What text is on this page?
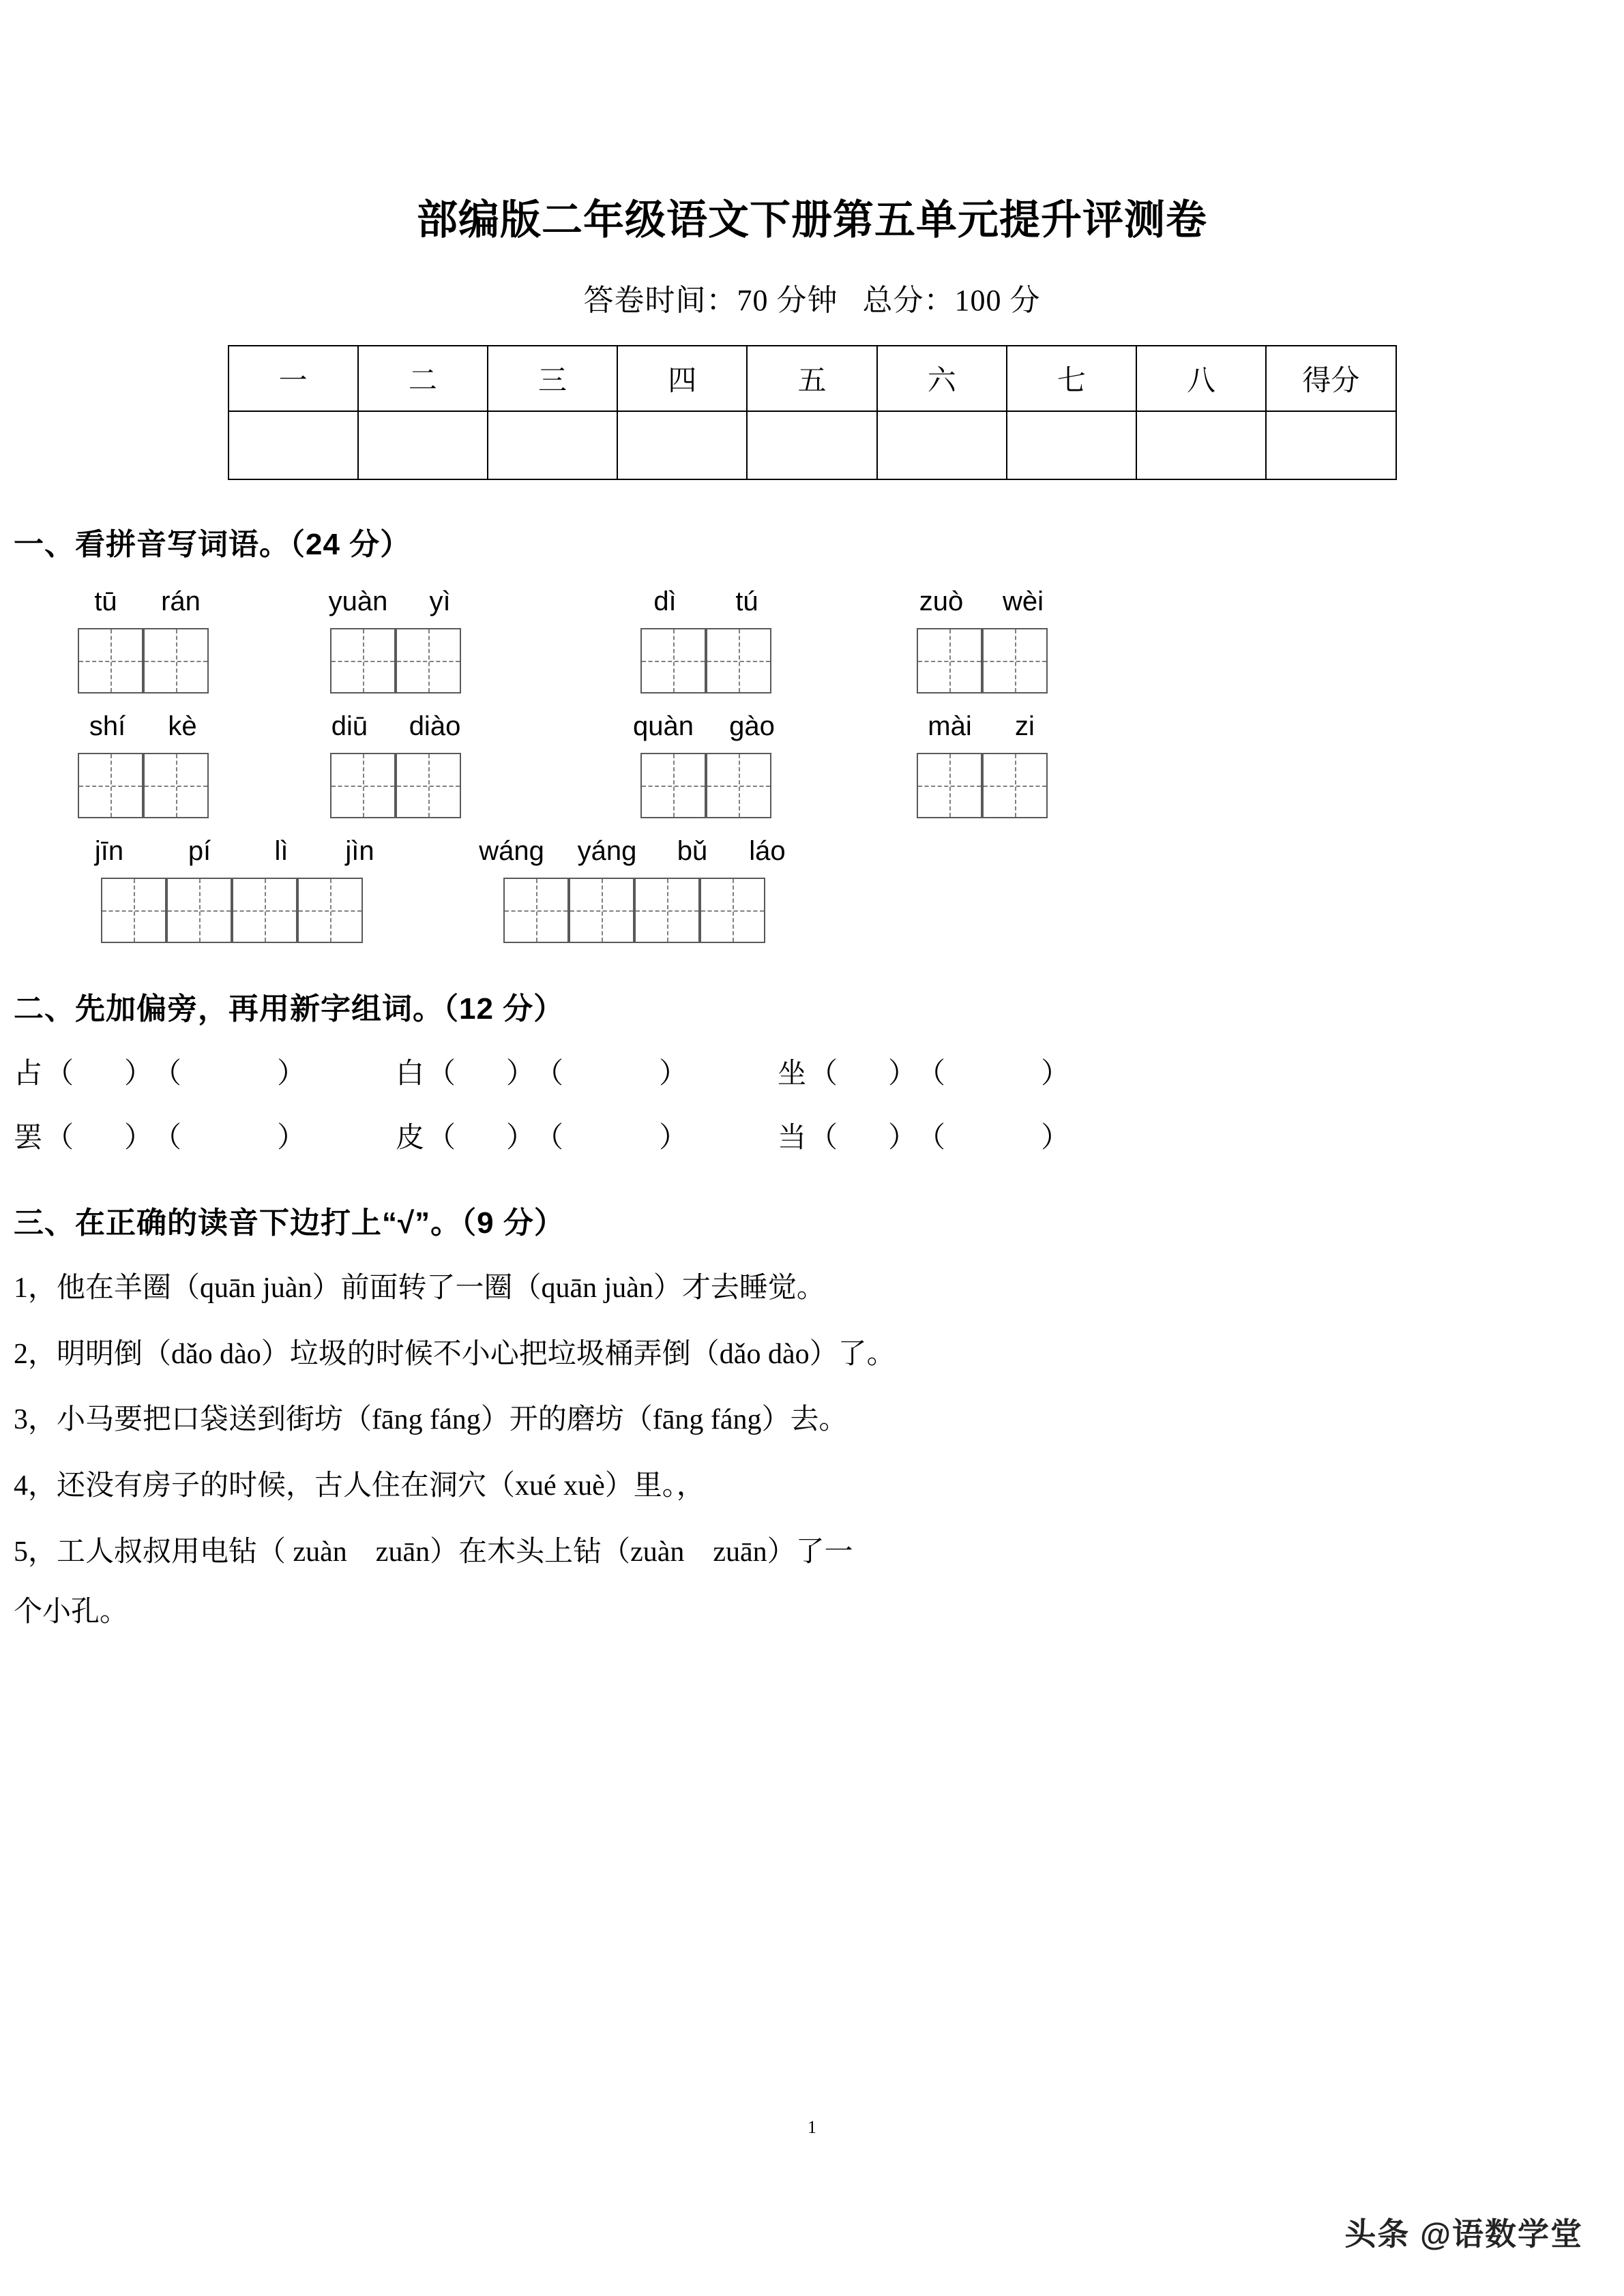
部编版二年级语文下册第五单元提升评测卷
答卷时间：70 分钟 总分：100 分
一	二	三	四	五	六	七	八	得分

一、看拼音写词语。（24 分）
tū	rán	yuàn	yì	dì	tú	zuò	wèi
shí	kè	diū	diào	quàn	gào	mài	zi
jīn	pí	lì	jìn	wáng	yáng	bǔ	láo
二、先加偏旁，再用新字组词。（12 分）
占 （ ） （	）	白 （ ） （	）	坐 （ ） （	）
罢 （ ） （	）	皮 （ ） （	）	当 （ ） （	）
三、在正确的读音下边打上“√”。（9 分）
1，他在羊圈（quān juàn）前面转了一圈（quān juàn）才去睡觉。
2，明明倒（dǎo dào）垃圾的时候不小心把垃圾桶弄倒（dǎo dào）了。
3，小马要把口袋送到街坊（fāng fáng）开的磨坊（fāng fáng）去。
4，还没有房子的时候，古人住在洞穴（xué xuè）里。，
5，工人叔叔用电钻（ zuàn　zuān）在木头上钻（zuàn　zuān）了一
个小孔。
1
头条 @语数学堂
